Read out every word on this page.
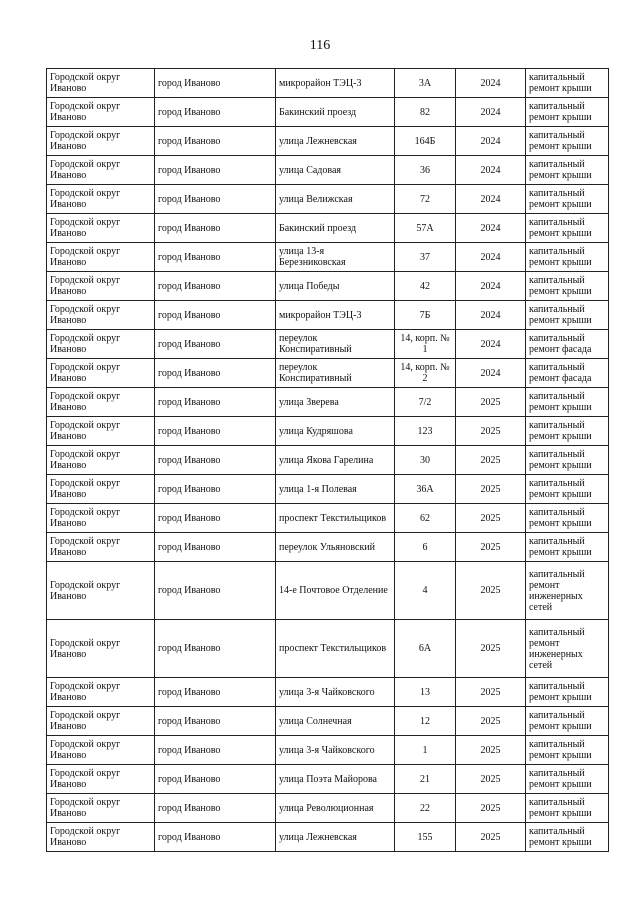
116
Городской округ Иваново	город Иваново	микрорайон ТЭЦ-3	3А	2024	капитальный ремонт крыши
Городской округ Иваново	город Иваново	Бакинский проезд	82	2024	капитальный ремонт крыши
Городской округ Иваново	город Иваново	улица Лежневская	164Б	2024	капитальный ремонт крыши
Городской округ Иваново	город Иваново	улица Садовая	36	2024	капитальный ремонт крыши
Городской округ Иваново	город Иваново	улица Велижская	72	2024	капитальный ремонт крыши
Городской округ Иваново	город Иваново	Бакинский проезд	57А	2024	капитальный ремонт крыши
Городской округ Иваново	город Иваново	улица 13-я Березниковская	37	2024	капитальный ремонт крыши
Городской округ Иваново	город Иваново	улица Победы	42	2024	капитальный ремонт крыши
Городской округ Иваново	город Иваново	микрорайон ТЭЦ-3	7Б	2024	капитальный ремонт крыши
Городской округ Иваново	город Иваново	переулок Конспиративный	14, корп. № 1	2024	капитальный ремонт фасада
Городской округ Иваново	город Иваново	переулок Конспиративный	14, корп. № 2	2024	капитальный ремонт фасада
Городской округ Иваново	город Иваново	улица Зверева	7/2	2025	капитальный ремонт крыши
Городской округ Иваново	город Иваново	улица Кудряшова	123	2025	капитальный ремонт крыши
Городской округ Иваново	город Иваново	улица Якова Гарелина	30	2025	капитальный ремонт крыши
Городской округ Иваново	город Иваново	улица 1-я Полевая	36А	2025	капитальный ремонт крыши
Городской округ Иваново	город Иваново	проспект Текстильщиков	62	2025	капитальный ремонт крыши
Городской округ Иваново	город Иваново	переулок Ульяновский	6	2025	капитальный ремонт крыши
Городской округ Иваново	город Иваново	14-е Почтовое Отделение	4	2025	капитальный ремонт инженерных сетей
Городской округ Иваново	город Иваново	проспект Текстильщиков	6А	2025	капитальный ремонт инженерных сетей
Городской округ Иваново	город Иваново	улица 3-я Чайковского	13	2025	капитальный ремонт крыши
Городской округ Иваново	город Иваново	улица Солнечная	12	2025	капитальный ремонт крыши
Городской округ Иваново	город Иваново	улица 3-я Чайковского	1	2025	капитальный ремонт крыши
Городской округ Иваново	город Иваново	улица Поэта Майорова	21	2025	капитальный ремонт крыши
Городской округ Иваново	город Иваново	улица Революционная	22	2025	капитальный ремонт крыши
Городской округ Иваново	город Иваново	улица Лежневская	155	2025	капитальный ремонт крыши
